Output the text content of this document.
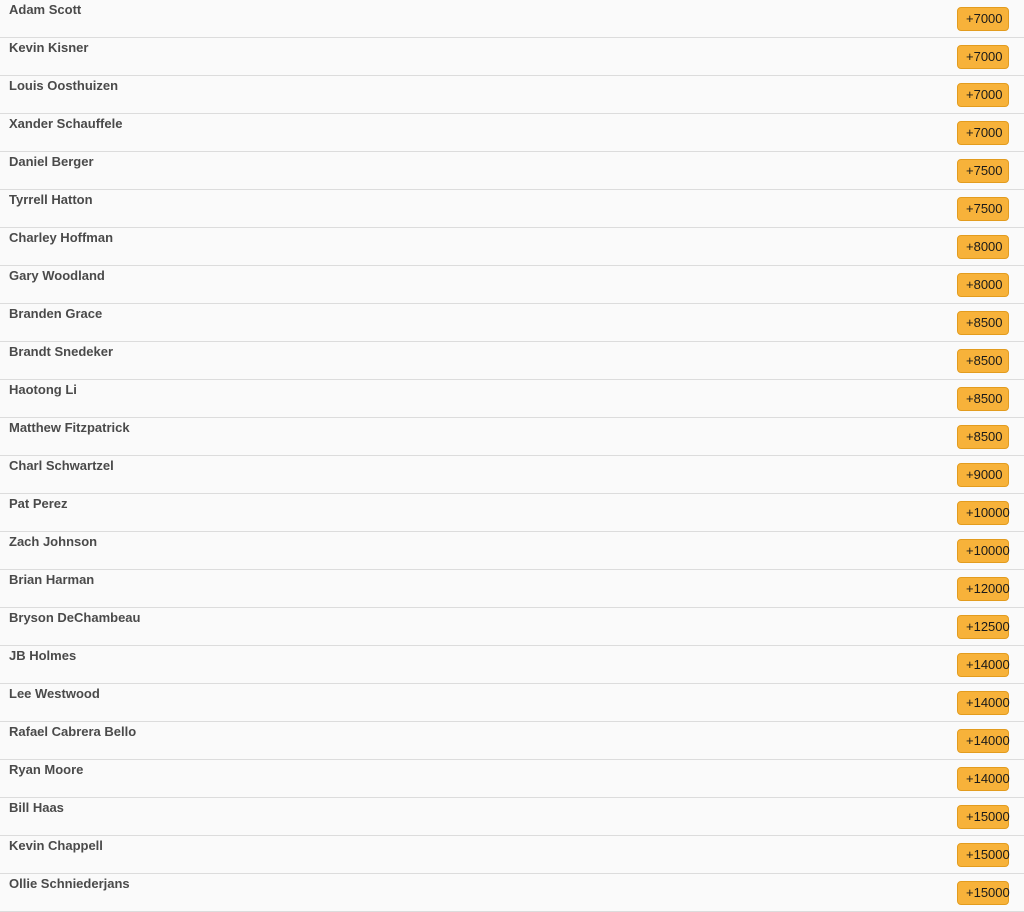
Adam Scott
+7000
Kevin Kisner
+7000
Louis Oosthuizen
+7000
Xander Schauffele
+7000
Daniel Berger
+7500
Tyrrell Hatton
+7500
Charley Hoffman
+8000
Gary Woodland
+8000
Branden Grace
+8500
Brandt Snedeker
+8500
Haotong Li
+8500
Matthew Fitzpatrick
+8500
Charl Schwartzel
+9000
Pat Perez
+10000
Zach Johnson
+10000
Brian Harman
+12000
Bryson DeChambeau
+12500
JB Holmes
+14000
Lee Westwood
+14000
Rafael Cabrera Bello
+14000
Ryan Moore
+14000
Bill Haas
+15000
Kevin Chappell
+15000
Ollie Schniederjans
+15000
